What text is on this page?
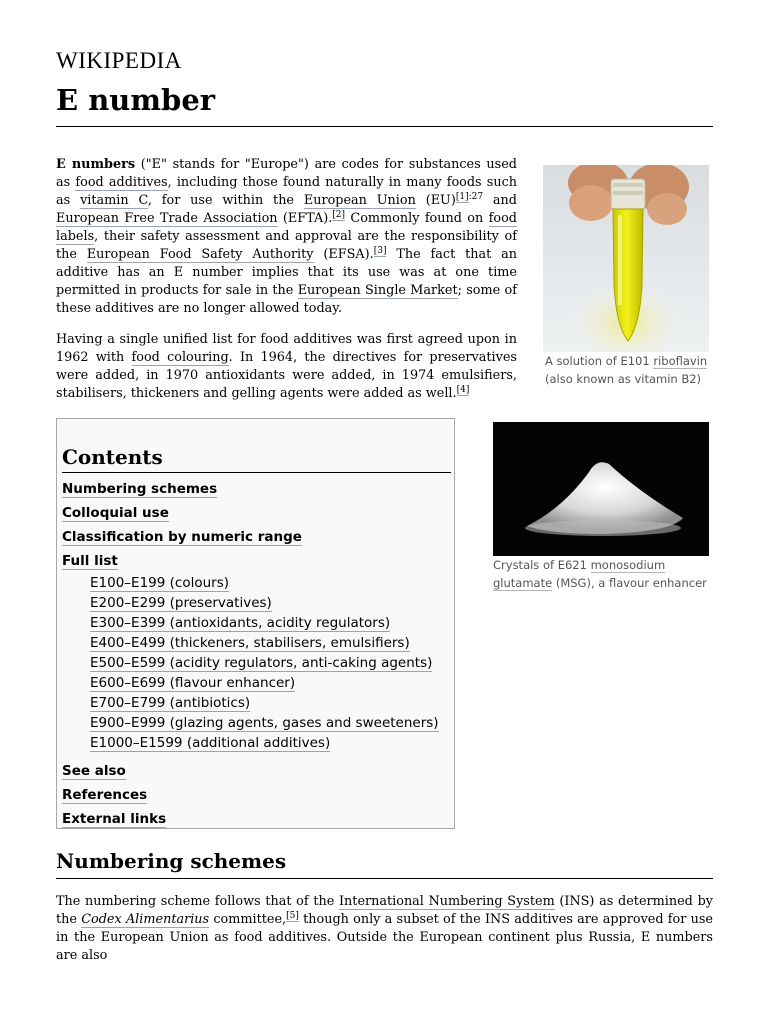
WIKIPEDIA
E number

E numbers ("E" stands for "Europe") are codes for substances used as food additives, including those found naturally in many foods such as vitamin C, for use within the European Union (EU)$^{[1]:27}$ and European Free Trade Association (EFTA).[2] Commonly found on food labels, their safety assessment and approval are the responsibility of the European Food Safety Authority (EFSA).[3] The fact that an additive has an E number implies that its use was at one time permitted in products for sale in the European Single Market; some of these additives are no longer allowed today.

Having a single unified list for food additives was first agreed upon in 1962 with food colouring. In 1964, the directives for preservatives were added, in 1970 antioxidants were added, in 1974 emulsifiers, stabilisers, thickeners and gelling agents were added as well.[4]

A solution of E101 riboflavin (also known as vitamin B2)
Crystals of E621 monosodium glutamate (MSG), a flavour enhancer
Contents
Numbering schemes
Colloquial use
Classification by numeric range
Full list
E100–E199 (colours)
E200–E299 (preservatives)
E300–E399 (antioxidants, acidity regulators)
E400–E499 (thickeners, stabilisers, emulsifiers)
E500–E599 (acidity regulators, anti-caking agents)
E600–E699 (flavour enhancer)
E700–E799 (antibiotics)
E900–E999 (glazing agents, gases and sweeteners)
E1000–E1599 (additional additives)
See also
References
External links
Numbering schemes

The numbering scheme follows that of the International Numbering System (INS) as determined by the Codex Alimentarius committee,[5] though only a subset of the INS additives are approved for use in the European Union as food additives. Outside the European continent plus Russia, E numbers are also
